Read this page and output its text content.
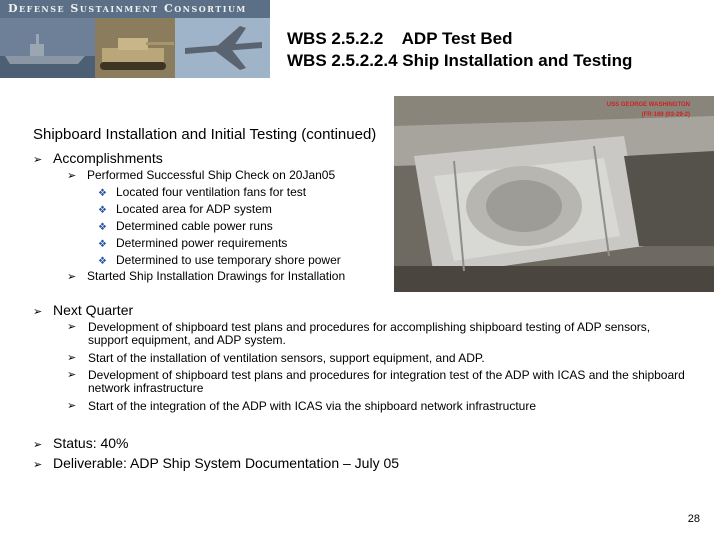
Defense Sustainment Consortium
WBS 2.5.2.2    ADP Test Bed
WBS 2.5.2.2.4 Ship Installation and Testing
USS GEORGE WASHINGTON
(FR-169 (03-29-2)
Shipboard Installation and Initial Testing (continued)
➢ Accomplishments
➢ Performed Successful Ship Check on 20Jan05
❖ Located four ventilation fans for test
❖ Located area for ADP system
❖ Determined cable power runs
❖ Determined power requirements
❖ Determined to use temporary shore power
➢ Started Ship Installation Drawings for Installation
➢ Next Quarter
➢ Development of shipboard test plans and procedures for accomplishing shipboard testing of ADP sensors, support equipment, and ADP system.
➢ Start of the installation of ventilation sensors, support equipment, and ADP.
➢ Development of shipboard test plans and procedures for integration test of the ADP with ICAS and the shipboard network infrastructure
➢ Start of the integration of the ADP with ICAS via the shipboard network infrastructure
➢ Status: 40%
➢ Deliverable: ADP Ship System Documentation – July 05
28
